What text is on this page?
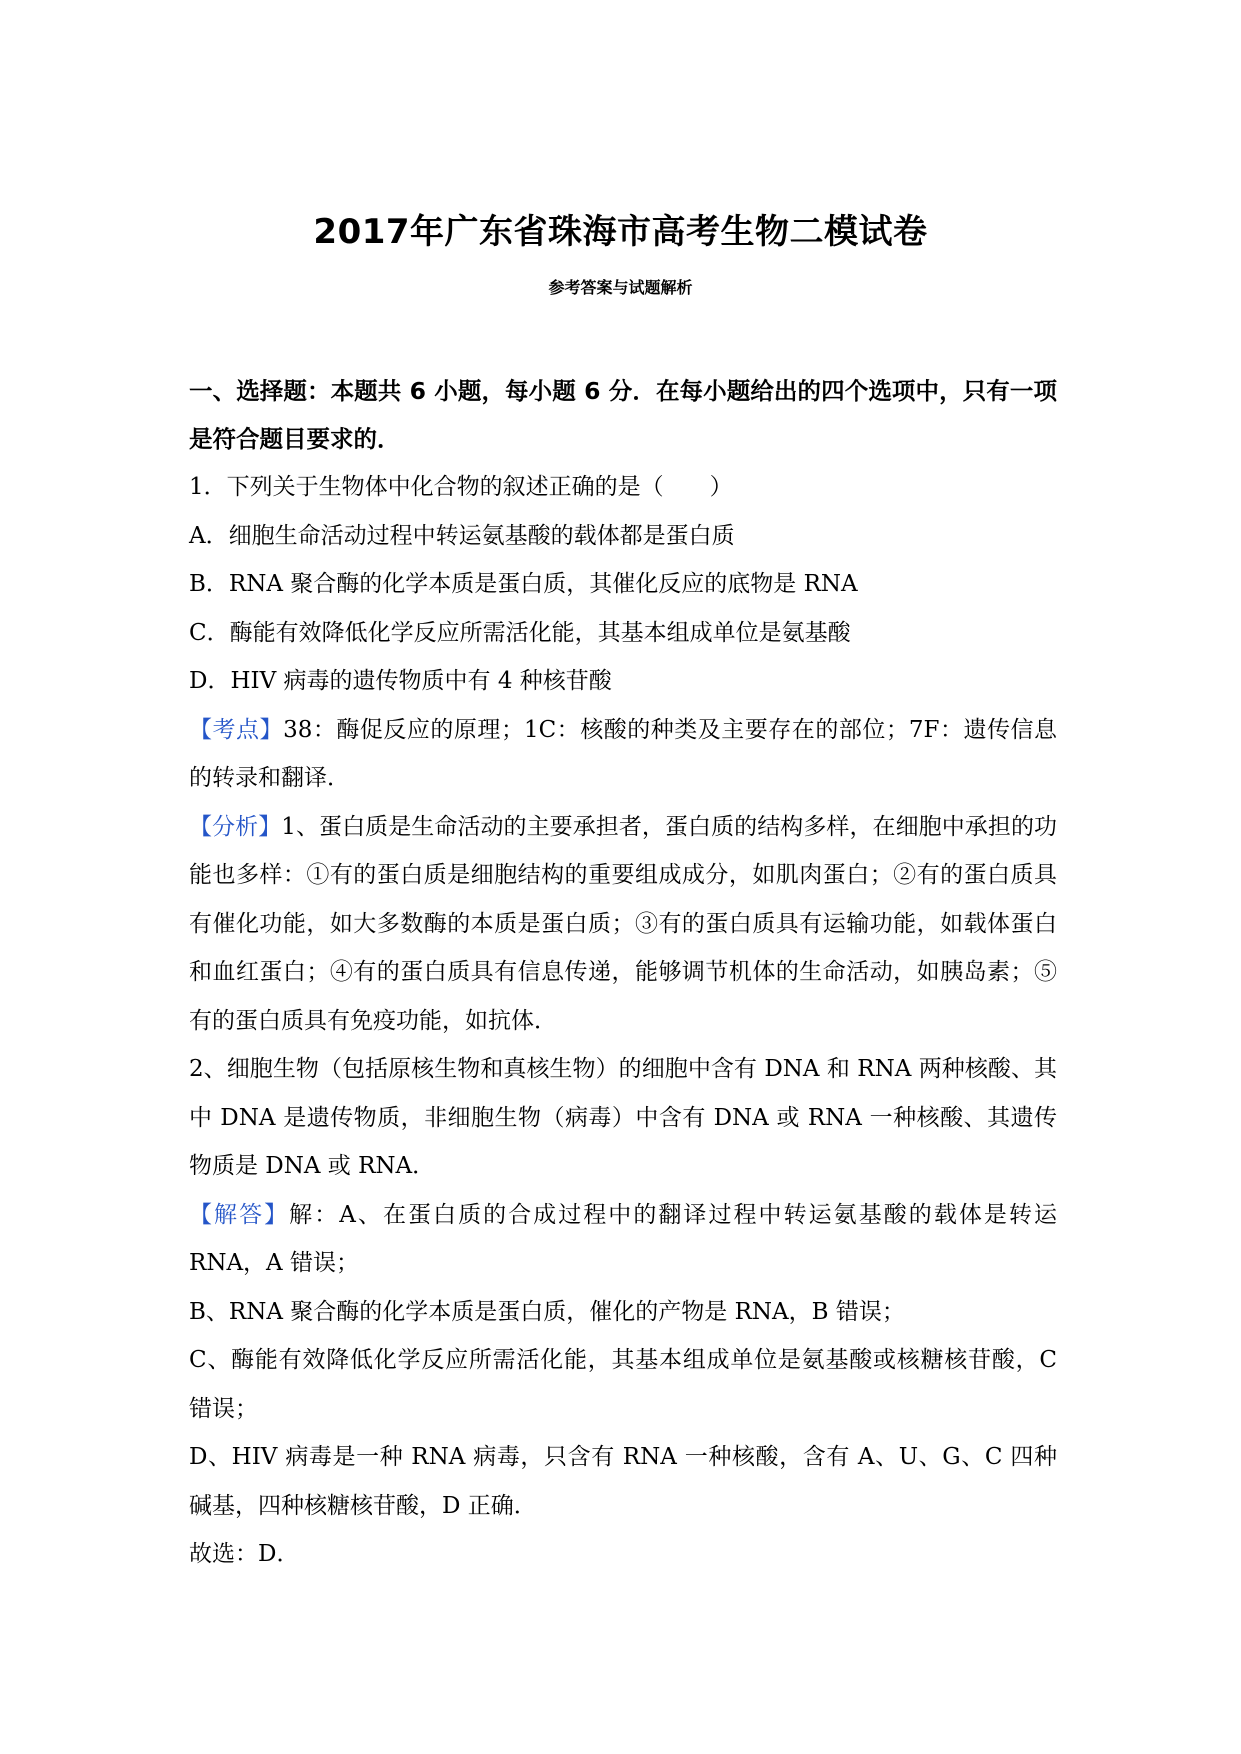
2017年广东省珠海市高考生物二模试卷
参考答案与试题解析

一、选择题：本题共 6 小题，每小题 6 分．在每小题给出的四个选项中，只有一项是符合题目要求的．

1．下列关于生物体中化合物的叙述正确的是（　　）

A．细胞生命活动过程中转运氨基酸的载体都是蛋白质

B．RNA 聚合酶的化学本质是蛋白质，其催化反应的底物是 RNA

C．酶能有效降低化学反应所需活化能，其基本组成单位是氨基酸

D．HIV 病毒的遗传物质中有 4 种核苷酸

【考点】38：酶促反应的原理；1C：核酸的种类及主要存在的部位；7F：遗传信息的转录和翻译．

【分析】1、蛋白质是生命活动的主要承担者，蛋白质的结构多样，在细胞中承担的功能也多样：①有的蛋白质是细胞结构的重要组成成分，如肌肉蛋白；②有的蛋白质具有催化功能，如大多数酶的本质是蛋白质；③有的蛋白质具有运输功能，如载体蛋白和血红蛋白；④有的蛋白质具有信息传递，能够调节机体的生命活动，如胰岛素；⑤有的蛋白质具有免疫功能，如抗体．

2、细胞生物（包括原核生物和真核生物）的细胞中含有 DNA 和 RNA 两种核酸、其中 DNA 是遗传物质，非细胞生物（病毒）中含有 DNA 或 RNA 一种核酸、其遗传物质是 DNA 或 RNA．

【解答】解：A、在蛋白质的合成过程中的翻译过程中转运氨基酸的载体是转运 RNA，A 错误；

B、RNA 聚合酶的化学本质是蛋白质，催化的产物是 RNA，B 错误；

C、酶能有效降低化学反应所需活化能，其基本组成单位是氨基酸或核糖核苷酸，C 错误；

D、HIV 病毒是一种 RNA 病毒，只含有 RNA 一种核酸，含有 A、U、G、C 四种碱基，四种核糖核苷酸，D 正确．

故选：D．
